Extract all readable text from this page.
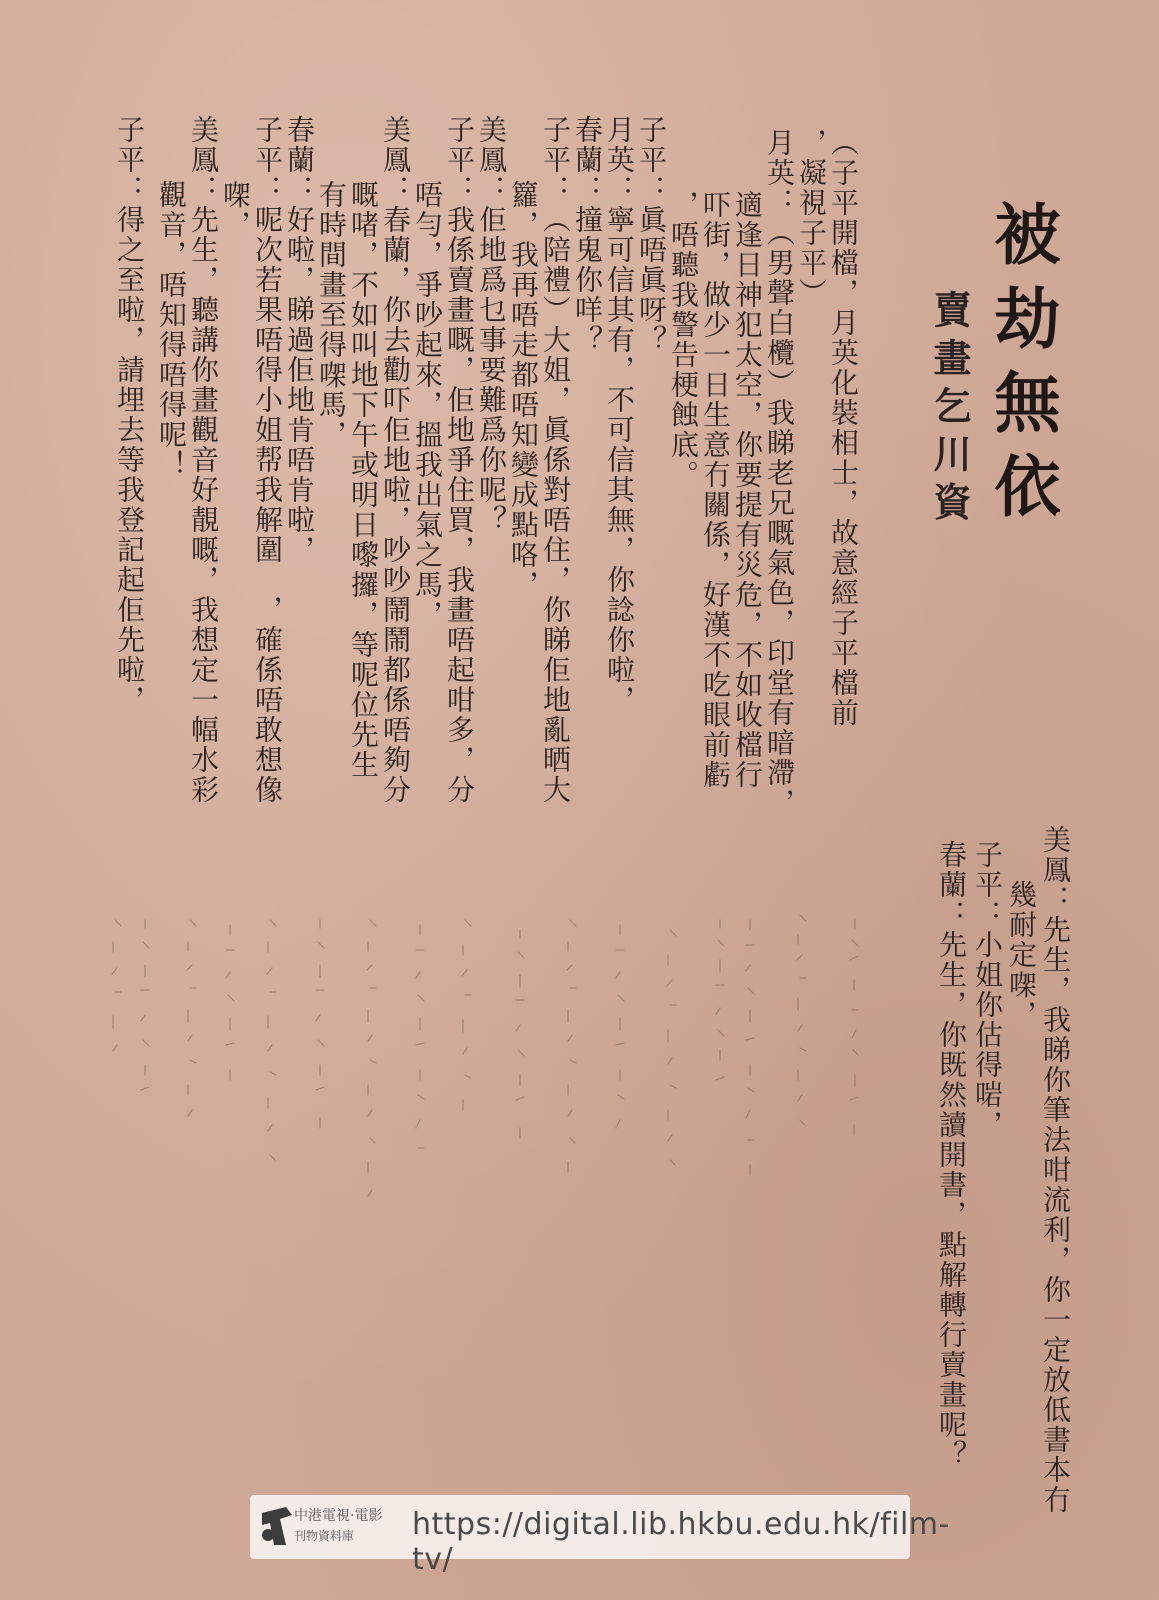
被劫無依
賣畫乞川資
（子平開檔，月英化裝相士，故意經子平檔前
，凝視子平）
月英：（男聲白欖）我睇老兄嘅氣色，印堂有暗滯，
適逢日神犯太空，你要提有災危，不如收檔行
吓街，做少一日生意冇關係，好漢不吃眼前虧
，唔聽我警告梗蝕底。
子平：眞唔眞呀？
月英：寧可信其有，不可信其無，你諗你啦，
春蘭：撞鬼你咩？
子平：（陪禮）大姐，眞係對唔住，你睇佢地亂晒大
籮，我再唔走都唔知變成點咯，
美鳳：佢地爲乜事要難爲你呢？
子平：我係賣畫嘅，佢地爭住買，我畫唔起咁多，分
唔勻，爭吵起來，搵我出氣之馬，
美鳳：春蘭，你去勸吓佢地啦，吵吵鬧鬧都係唔夠分
嘅啫，不如叫地下午或明日嚟攞，等呢位先生
有時間畫至得㗎馬，
春蘭：好啦，睇過佢地肯唔肯啦，
子平：呢次若果唔得小姐帮我解圍　，確係唔敢想像
㗎，
美鳳：先生，聽講你畫觀音好靚嘅，我想定一幅水彩
觀音，唔知得唔得呢！
子平：得之至啦，請埋去等我登記起佢先啦，
美鳳：先生，我睇你筆法咁流利，你一定放低書本冇
幾耐定㗎，
子平：小姐你估得啱，
春蘭：先生，你既然讀開書，點解轉行賣畫呢？
中港電視·電影
刊物資料庫	https://digital.lib.hkbu.edu.hk/film-tv/
